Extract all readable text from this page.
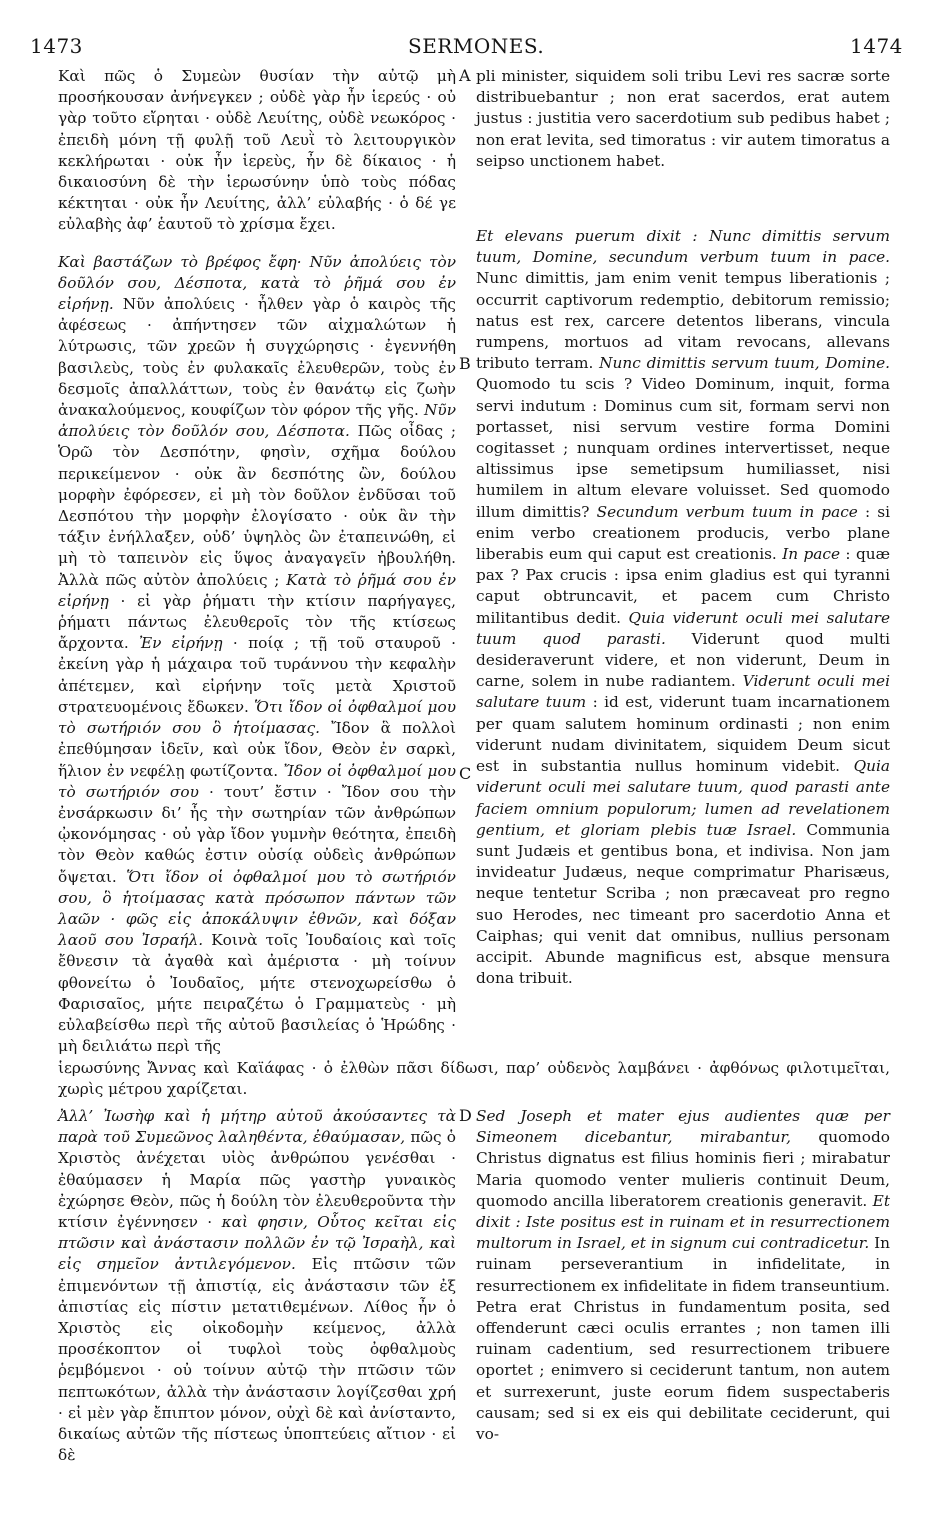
1473	SERMONES.	1474
A
B
C
D

Καὶ πῶς ὁ Συμεὼν θυσίαν τὴν αὐτῷ μὴ προσήκουσαν ἀνήνεγκεν ; οὐδὲ γὰρ ἦν ἱερεύς · οὐ γὰρ τοῦτο εἴρηται · οὐδὲ Λευίτης, οὐδὲ νεωκόρος · ἐπειδὴ μόνη τῇ φυλῇ τοῦ Λευῒ τὸ λειτουργικὸν κεκλήρωται · οὐκ ἦν ἱερεὺς, ἦν δὲ δίκαιος · ἡ δικαιοσύνη δὲ τὴν ἱερωσύνην ὑπὸ τοὺς πόδας κέκτηται · οὐκ ἦν Λευίτης, ἀλλ’ εὐλαβής · ὁ δέ γε εὐλαβὴς ἀφ’ ἑαυτοῦ τὸ χρίσμα ἔχει.

Καὶ βαστάζων τὸ βρέφος ἔφη· Νῦν ἀπολύεις τὸν δοῦλόν σου, Δέσποτα, κατὰ τὸ ῥῆμά σου ἐν εἰρήνῃ. Νῦν ἀπολύεις · ἦλθεν γὰρ ὁ καιρὸς τῆς ἀφέσεως · ἀπήντησεν τῶν αἰχμαλώτων ἡ λύτρωσις, τῶν χρεῶν ἡ συγχώρησις · ἐγεννήθη βασιλεὺς, τοὺς ἐν φυλακαῖς ἐλευθερῶν, τοὺς ἐν δεσμοῖς ἀπαλλάττων, τοὺς ἐν θανάτῳ εἰς ζωὴν ἀνακαλούμενος, κουφίζων τὸν φόρον τῆς γῆς. Νῦν ἀπολύεις τὸν δοῦλόν σου, Δέσποτα. Πῶς οἶδας ; Ὁρῶ τὸν Δεσπότην, φησὶν, σχῆμα δούλου περικείμενον · οὐκ ἂν δεσπότης ὢν, δούλου μορφὴν ἐφόρεσεν, εἰ μὴ τὸν δοῦλον ἐνδῦσαι τοῦ Δεσπότου τὴν μορφὴν ἐλογίσατο · οὐκ ἂν τὴν τάξιν ἐνήλλαξεν, οὐδ’ ὑψηλὸς ὢν ἐταπεινώθη, εἰ μὴ τὸ ταπεινὸν εἰς ὕψος ἀναγαγεῖν ἠβουλήθη. Ἀλλὰ πῶς αὐτὸν ἀπολύεις ; Κατὰ τὸ ῥῆμά σου ἐν εἰρήνῃ · εἰ γὰρ ῥήματι τὴν κτίσιν παρήγαγες, ῥήματι πάντως ἐλευθεροῖς τὸν τῆς κτίσεως ἄρχοντα. Ἐν εἰρήνῃ · ποίᾳ ; τῇ τοῦ σταυροῦ · ἐκείνη γὰρ ἡ μάχαιρα τοῦ τυράννου τὴν κεφαλὴν ἀπέτεμεν, καὶ εἰρήνην τοῖς μετὰ Χριστοῦ στρατευομένοις ἔδωκεν. Ὅτι ἴδον οἱ ὀφθαλμοί μου τὸ σωτήριόν σου ὃ ἡτοίμασας. Ἴδον ἃ πολλοὶ ἐπεθύμησαν ἰδεῖν, καὶ οὐκ ἴδον, Θεὸν ἐν σαρκὶ, ἥλιον ἐν νεφέλῃ φωτίζοντα. Ἴδον οἱ ὀφθαλμοί μου τὸ σωτήριόν σου · τουτ’ ἔστιν · Ἴδον σου τὴν ἐνσάρκωσιν δι’ ἧς τὴν σωτηρίαν τῶν ἀνθρώπων ᾠκονόμησας · οὐ γὰρ ἴδον γυμνὴν θεότητα, ἐπειδὴ τὸν Θεὸν καθώς ἐστιν οὐσίᾳ οὐδεὶς ἀνθρώπων ὄψεται. Ὅτι ἴδον οἱ ὀφθαλμοί μου τὸ σωτήριόν σου, ὃ ἡτοίμασας κατὰ πρόσωπον πάντων τῶν λαῶν · φῶς εἰς ἀποκάλυψιν ἐθνῶν, καὶ δόξαν λαοῦ σου Ἰσραήλ. Κοινὰ τοῖς Ἰουδαίοις καὶ τοῖς ἔθνεσιν τὰ ἀγαθὰ καὶ ἀμέριστα · μὴ τοίνυν φθονείτω ὁ Ἰουδαῖος, μήτε στενοχωρείσθω ὁ Φαρισαῖος, μήτε πειραζέτω ὁ Γραμματεὺς · μὴ εὐλαβείσθω περὶ τῆς αὐτοῦ βασιλείας ὁ Ἡρώδης · μὴ δειλιάτω περὶ τῆς

pli minister, siquidem soli tribu Levi res sacræ sorte distribuebantur ; non erat sacerdos, erat autem justus : justitia vero sacerdotium sub pedibus habet ; non erat levita, sed timoratus : vir autem timoratus a seipso unctionem habet.

Et elevans puerum dixit : Nunc dimittis servum tuum, Domine, secundum verbum tuum in pace. Nunc dimittis, jam enim venit tempus liberationis ; occurrit captivorum redemptio, debitorum remissio; natus est rex, carcere detentos liberans, vincula rumpens, mortuos ad vitam revocans, allevans tributo terram. Nunc dimittis servum tuum, Domine. Quomodo tu scis ? Video Dominum, inquit, forma servi indutum : Dominus cum sit, formam servi non portasset, nisi servum vestire forma Domini cogitasset ; nunquam ordines intervertisset, neque altissimus ipse semetipsum humiliasset, nisi humilem in altum elevare voluisset. Sed quomodo illum dimittis? Secundum verbum tuum in pace : si enim verbo creationem producis, verbo plane liberabis eum qui caput est creationis. In pace : quæ pax ? Pax crucis : ipsa enim gladius est qui tyranni caput obtruncavit, et pacem cum Christo militantibus dedit. Quia viderunt oculi mei salutare tuum quod parasti. Viderunt quod multi desideraverunt videre, et non viderunt, Deum in carne, solem in nube radiantem. Viderunt oculi mei salutare tuum : id est, viderunt tuam incarnationem per quam salutem hominum ordinasti ; non enim viderunt nudam divinitatem, siquidem Deum sicut est in substantia nullus hominum videbit. Quia viderunt oculi mei salutare tuum, quod parasti ante faciem omnium populorum; lumen ad revelationem gentium, et gloriam plebis tuæ Israel. Communia sunt Judæis et gentibus bona, et indivisa. Non jam invideatur Judæus, neque comprimatur Pharisæus, neque tentetur Scriba ; non præcaveat pro regno suo Herodes, nec timeant pro sacerdotio Anna et Caiphas; qui venit dat omnibus, nullius personam accipit. Abunde magnificus est, absque mensura dona tribuit.

ἱερωσύνης Ἄννας καὶ Καϊάφας · ὁ ἐλθὼν πᾶσι δίδωσι, παρ’ οὐδενὸς λαμβάνει · ἀφθόνως φιλοτιμεῖται, χωρὶς μέτρου χαρίζεται.

Ἀλλ’ Ἰωσὴφ καὶ ἡ μήτηρ αὐτοῦ ἀκούσαντες τὰ παρὰ τοῦ Συμεῶνος λαληθέντα, ἐθαύμασαν, πῶς ὁ Χριστὸς ἀνέχεται υἱὸς ἀνθρώπου γενέσθαι · ἐθαύμασεν ἡ Μαρία πῶς γαστὴρ γυναικὸς ἐχώρησε Θεὸν, πῶς ἡ δούλη τὸν ἐλευθεροῦντα τὴν κτίσιν ἐγέννησεν · καὶ φησιν, Οὗτος κεῖται εἰς πτῶσιν καὶ ἀνάστασιν πολλῶν ἐν τῷ Ἰσραὴλ, καὶ εἰς σημεῖον ἀντιλεγόμενον. Εἰς πτῶσιν τῶν ἐπιμενόντων τῇ ἀπιστίᾳ, εἰς ἀνάστασιν τῶν ἐξ ἀπιστίας εἰς πίστιν μετατιθεμένων. Λίθος ἦν ὁ Χριστὸς εἰς οἰκοδομὴν κείμενος, ἀλλὰ προσέκοπτον οἱ τυφλοὶ τοὺς ὀφθαλμοὺς ῥεμβόμενοι · οὐ τοίνυν αὐτῷ τὴν πτῶσιν τῶν πεπτωκότων, ἀλλὰ τὴν ἀνάστασιν λογίζεσθαι χρή · εἰ μὲν γὰρ ἔπιπτον μόνον, οὐχὶ δὲ καὶ ἀνίσταντο, δικαίως αὐτῶν τῆς πίστεως ὑποπτεύεις αἴτιον · εἰ δὲ

Sed Joseph et mater ejus audientes quæ per Simeonem dicebantur, mirabantur, quomodo Christus dignatus est filius hominis fieri ; mirabatur Maria quomodo venter mulieris continuit Deum, quomodo ancilla liberatorem creationis generavit. Et dixit : Iste positus est in ruinam et in resurrectionem multorum in Israel, et in signum cui contradicetur. In ruinam perseverantium in infidelitate, in resurrectionem ex infidelitate in fidem transeuntium. Petra erat Christus in fundamentum posita, sed offenderunt cæci oculis errantes ; non tamen illi ruinam cadentium, sed resurrectionem tribuere oportet ; enimvero si ceciderunt tantum, non autem et surrexerunt, juste eorum fidem suspectaberis causam; sed si ex eis qui debilitate ceciderunt, qui vo-
